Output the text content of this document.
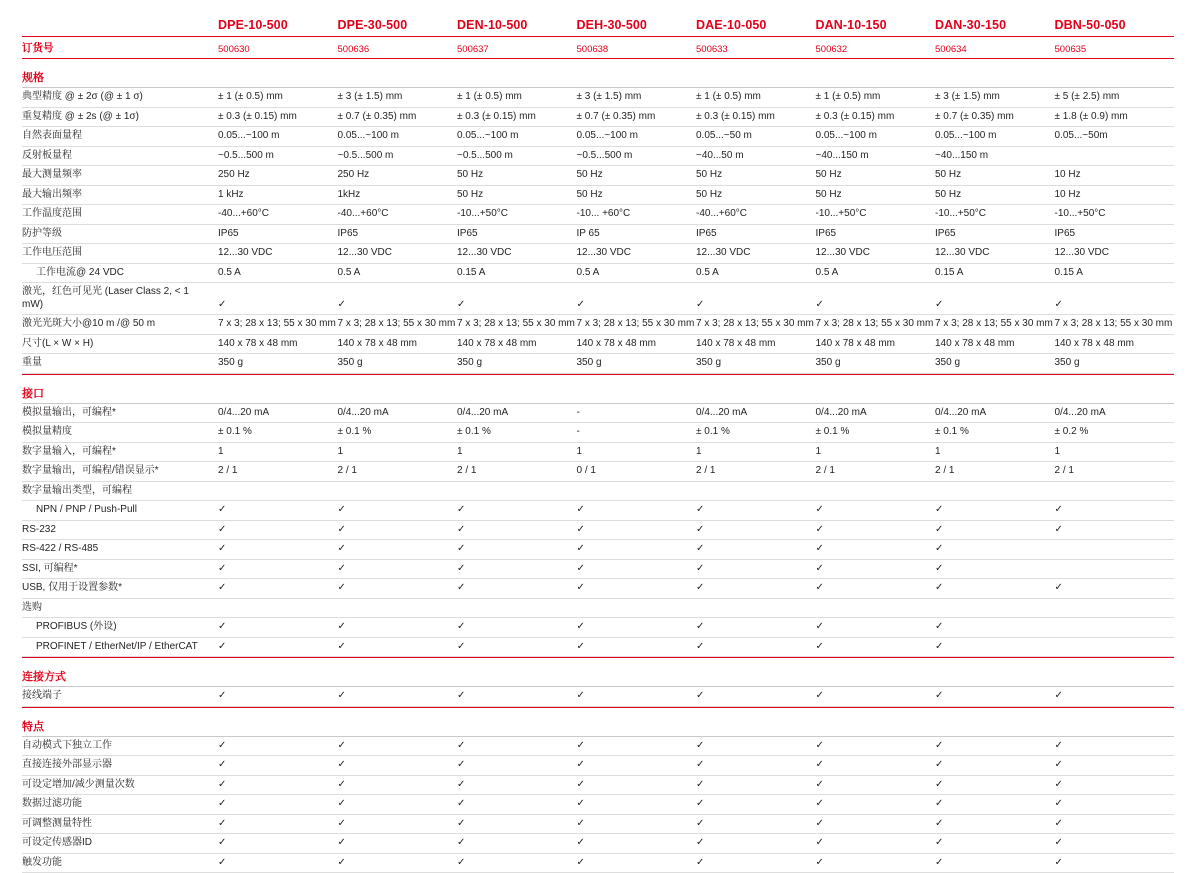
	DPE-10-500	DPE-30-500	DEN-10-500	DEH-30-500	DAE-10-050	DAN-10-150	DAN-30-150	DBN-50-050

订货号	500630	500636	500637	500638	500633	500632	500634	500635

规格								

典型精度 @ ± 2σ (@ ± 1 σ)	± 1 (± 0.5) mm	± 3 (± 1.5) mm	± 1 (± 0.5) mm	± 3 (± 1.5) mm	± 1 (± 0.5) mm	± 1 (± 0.5) mm	± 3 (± 1.5) mm	± 5 (± 2.5) mm
重复精度 @ ± 2s (@ ± 1σ)	± 0.3 (± 0.15) mm	± 0.7 (± 0.35) mm	± 0.3 (± 0.15) mm	± 0.7 (± 0.35) mm	± 0.3 (± 0.15) mm	± 0.3 (± 0.15) mm	± 0.7 (± 0.35) mm	± 1.8 (± 0.9) mm
自然表面量程	0.05...~100 m	0.05...~100 m	0.05...~100 m	0.05...~100 m	0.05...~50 m	0.05...~100 m	0.05...~100 m	0.05...~50m
反射板量程	~0.5...500 m	~0.5...500 m	~0.5...500 m	~0.5...500 m	~40...50 m	~40...150 m	~40...150 m	
最大测量频率	250 Hz	250 Hz	50 Hz	50 Hz	50 Hz	50 Hz	50 Hz	10 Hz
最大输出频率	1 kHz	1kHz	50 Hz	50 Hz	50 Hz	50 Hz	50 Hz	10 Hz
工作温度范围	-40...+60°C	-40...+60°C	-10...+50°C	-10... +60°C	-40...+60°C	-10...+50°C	-10...+50°C	-10...+50°C
防护等级	IP65	IP65	IP65	IP 65	IP65	IP65	IP65	IP65
工作电压范围	12...30 VDC	12...30 VDC	12...30 VDC	12...30 VDC	12...30 VDC	12...30 VDC	12...30 VDC	12...30 VDC
工作电流@ 24 VDC	0.5 A	0.5 A	0.15 A	0.5 A	0.5 A	0.5 A	0.15 A	0.15 A
激光，红色可见光 (Laser Class 2, < 1 mW)	✓	✓	✓	✓	✓	✓	✓	✓
激光光斑大小@10 m /@ 50 m	7 x 3; 28 x 13; 55 x 30 mm	7 x 3; 28 x 13; 55 x 30 mm	7 x 3; 28 x 13; 55 x 30 mm	7 x 3; 28 x 13; 55 x 30 mm	7 x 3; 28 x 13; 55 x 30 mm	7 x 3; 28 x 13; 55 x 30 mm	7 x 3; 28 x 13; 55 x 30 mm	7 x 3; 28 x 13; 55 x 30 mm
尺寸(L × W × H)	140 x 78 x 48 mm	140 x 78 x 48 mm	140 x 78 x 48 mm	140 x 78 x 48 mm	140 x 78 x 48 mm	140 x 78 x 48 mm	140 x 78 x 48 mm	140 x 78 x 48 mm
重量	350 g	350 g	350 g	350 g	350 g	350 g	350 g	350 g

接口								

模拟量输出，可编程*	0/4...20 mA	0/4...20 mA	0/4...20 mA	-	0/4...20 mA	0/4...20 mA	0/4...20 mA	0/4...20 mA
模拟量精度	± 0.1 %	± 0.1 %	± 0.1 %	-	± 0.1 %	± 0.1 %	± 0.1 %	± 0.2 %
数字量输入，可编程*	1	1	1	1	1	1	1	1
数字量输出，可编程/错误显示*	2 / 1	2 / 1	2 / 1	0 / 1	2 / 1	2 / 1	2 / 1	2 / 1
数字量输出类型，可编程								
NPN / PNP / Push-Pull	✓	✓	✓	✓	✓	✓	✓	✓
RS-232	✓	✓	✓	✓	✓	✓	✓	✓
RS-422 / RS-485	✓	✓	✓	✓	✓	✓	✓	
SSI, 可编程*	✓	✓	✓	✓	✓	✓	✓	
USB, 仅用于设置参数*	✓	✓	✓	✓	✓	✓	✓	✓
选购								
PROFIBUS (外设)	✓	✓	✓	✓	✓	✓	✓	
PROFINET / EtherNet/IP / EtherCAT	✓	✓	✓	✓	✓	✓	✓	

连接方式								

接线端子	✓	✓	✓	✓	✓	✓	✓	✓

特点								

自动模式下独立工作	✓	✓	✓	✓	✓	✓	✓	✓
直接连接外部显示器	✓	✓	✓	✓	✓	✓	✓	✓
可设定增加/减少测量次数	✓	✓	✓	✓	✓	✓	✓	✓
数据过滤功能	✓	✓	✓	✓	✓	✓	✓	✓
可调整测量特性	✓	✓	✓	✓	✓	✓	✓	✓
可设定传感器ID	✓	✓	✓	✓	✓	✓	✓	✓
触发功能	✓	✓	✓	✓	✓	✓	✓	✓
